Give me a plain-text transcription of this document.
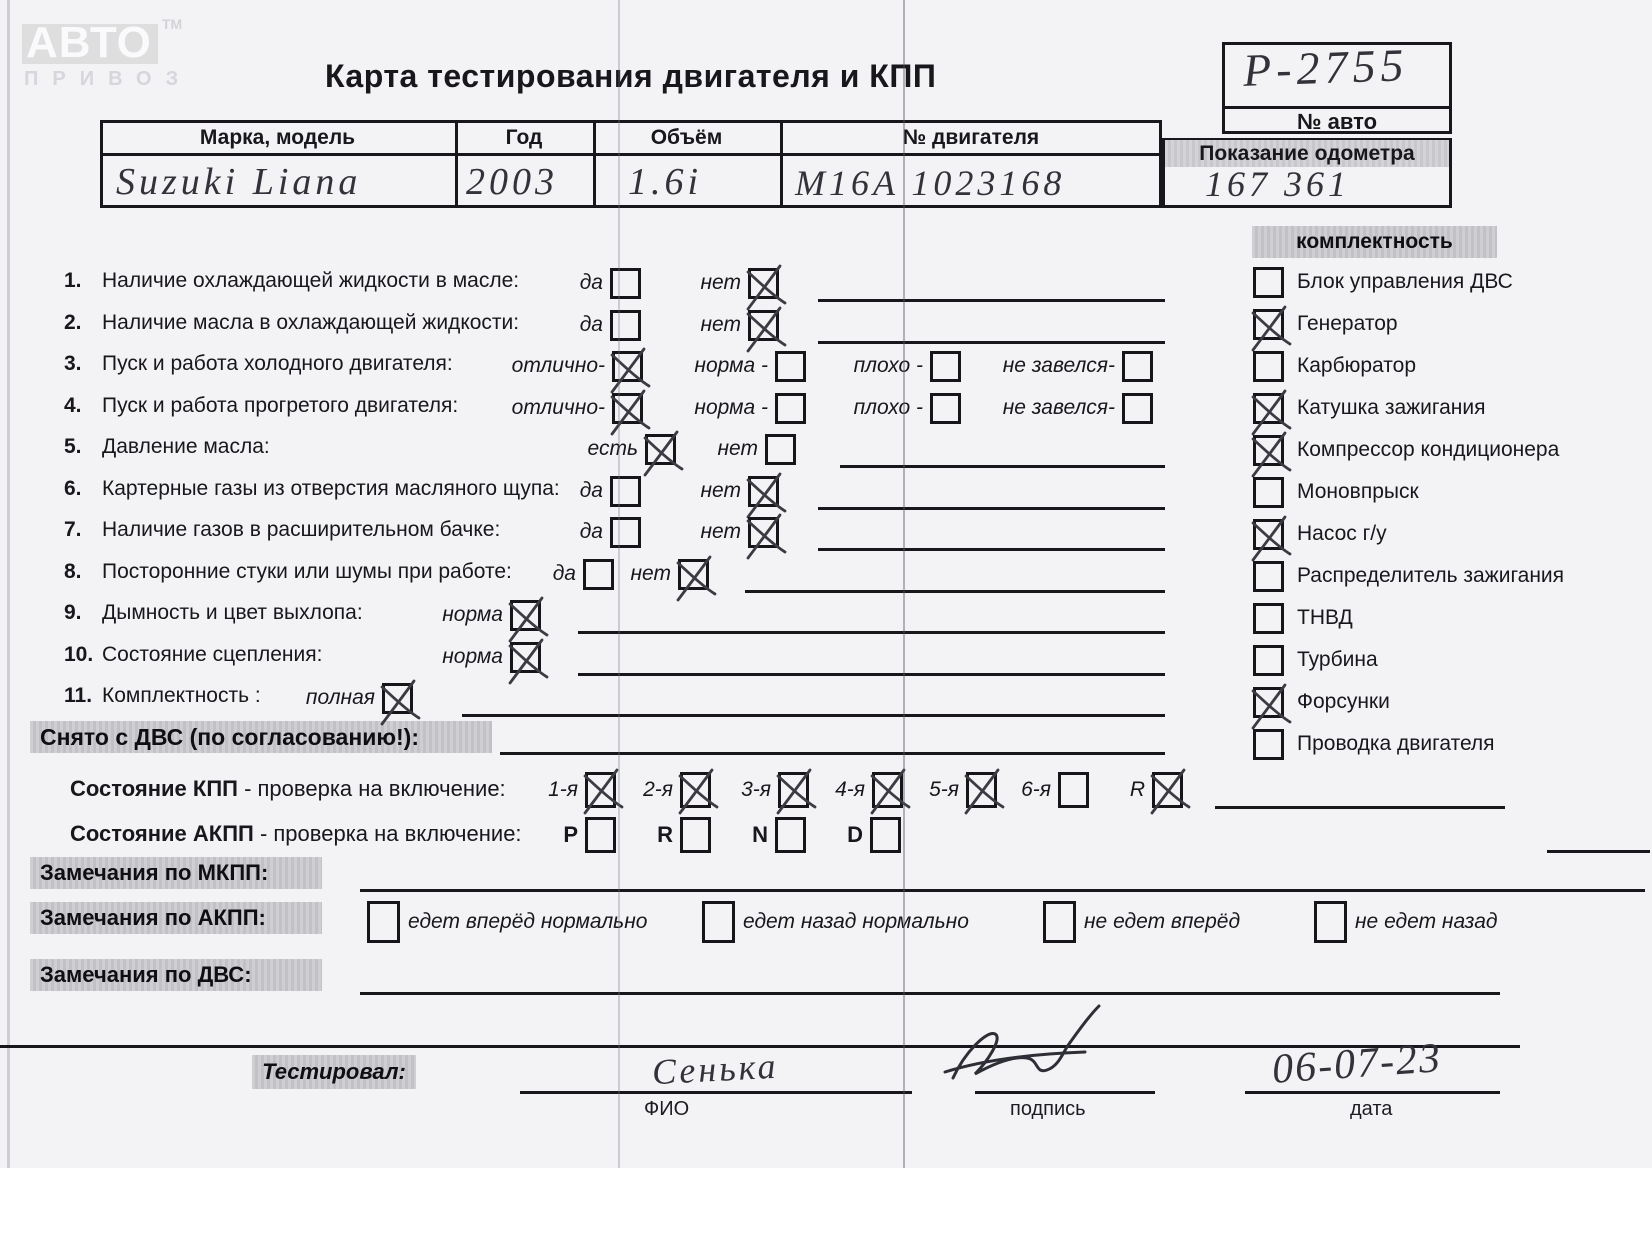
АВТО ТМ
ПРИВОЗ	Карта тестирования двигателя и КПП	P-2755
№ авто
Марка, модель	Год	Объём	№ двигателя
Показание одометра
Suzuki Liana	2003 1.6i	M16A 1023168	167 361
Снято с ДВС (по согласованию!):
Состояние КПП - проверка на включение:
Состояние АКПП - проверка на включение:
Замечания по МКПП:
Замечания по АКПП:
Замечания по ДВС:
комплектность
Тестировал:	Сенька
ФИО	подпись
06-07-23
дата
1. Наличие охлаждающей жидкости в масле:	да	нет
2. Наличие масла в охлаждающей жидкости:	да	нет
3. Пуск и работа холодного двигателя:	отлично-	норма -	плохо -	не завелся-
4. Пуск и работа прогретого двигателя:	отлично-	норма -	плохо -	не завелся-
5. Давление масла:	есть	нет
6. Картерные газы из отверстия масляного щупа: да	нет
7. Наличие газов в расширительном бачке:	да	нет
8. Посторонние стуки или шумы при работе: да	нет
9. Дымность и цвет выхлопа:	норма
10. Состояние сцепления:	норма
11. Комплектность : полная
1-я	2-я	3-я	4-я	5-я	6-я	R
P	R	N	D
едет вперёд нормально	едет назад нормально	не едет вперёд	не едет назад
Блок управления ДВС
Генератор
Карбюратор
Катушка зажигания
Компрессор кондиционера
Моновпрыск
Насос г/у
Распределитель зажигания
ТНВД
Турбина
Форсунки
Проводка двигателя
